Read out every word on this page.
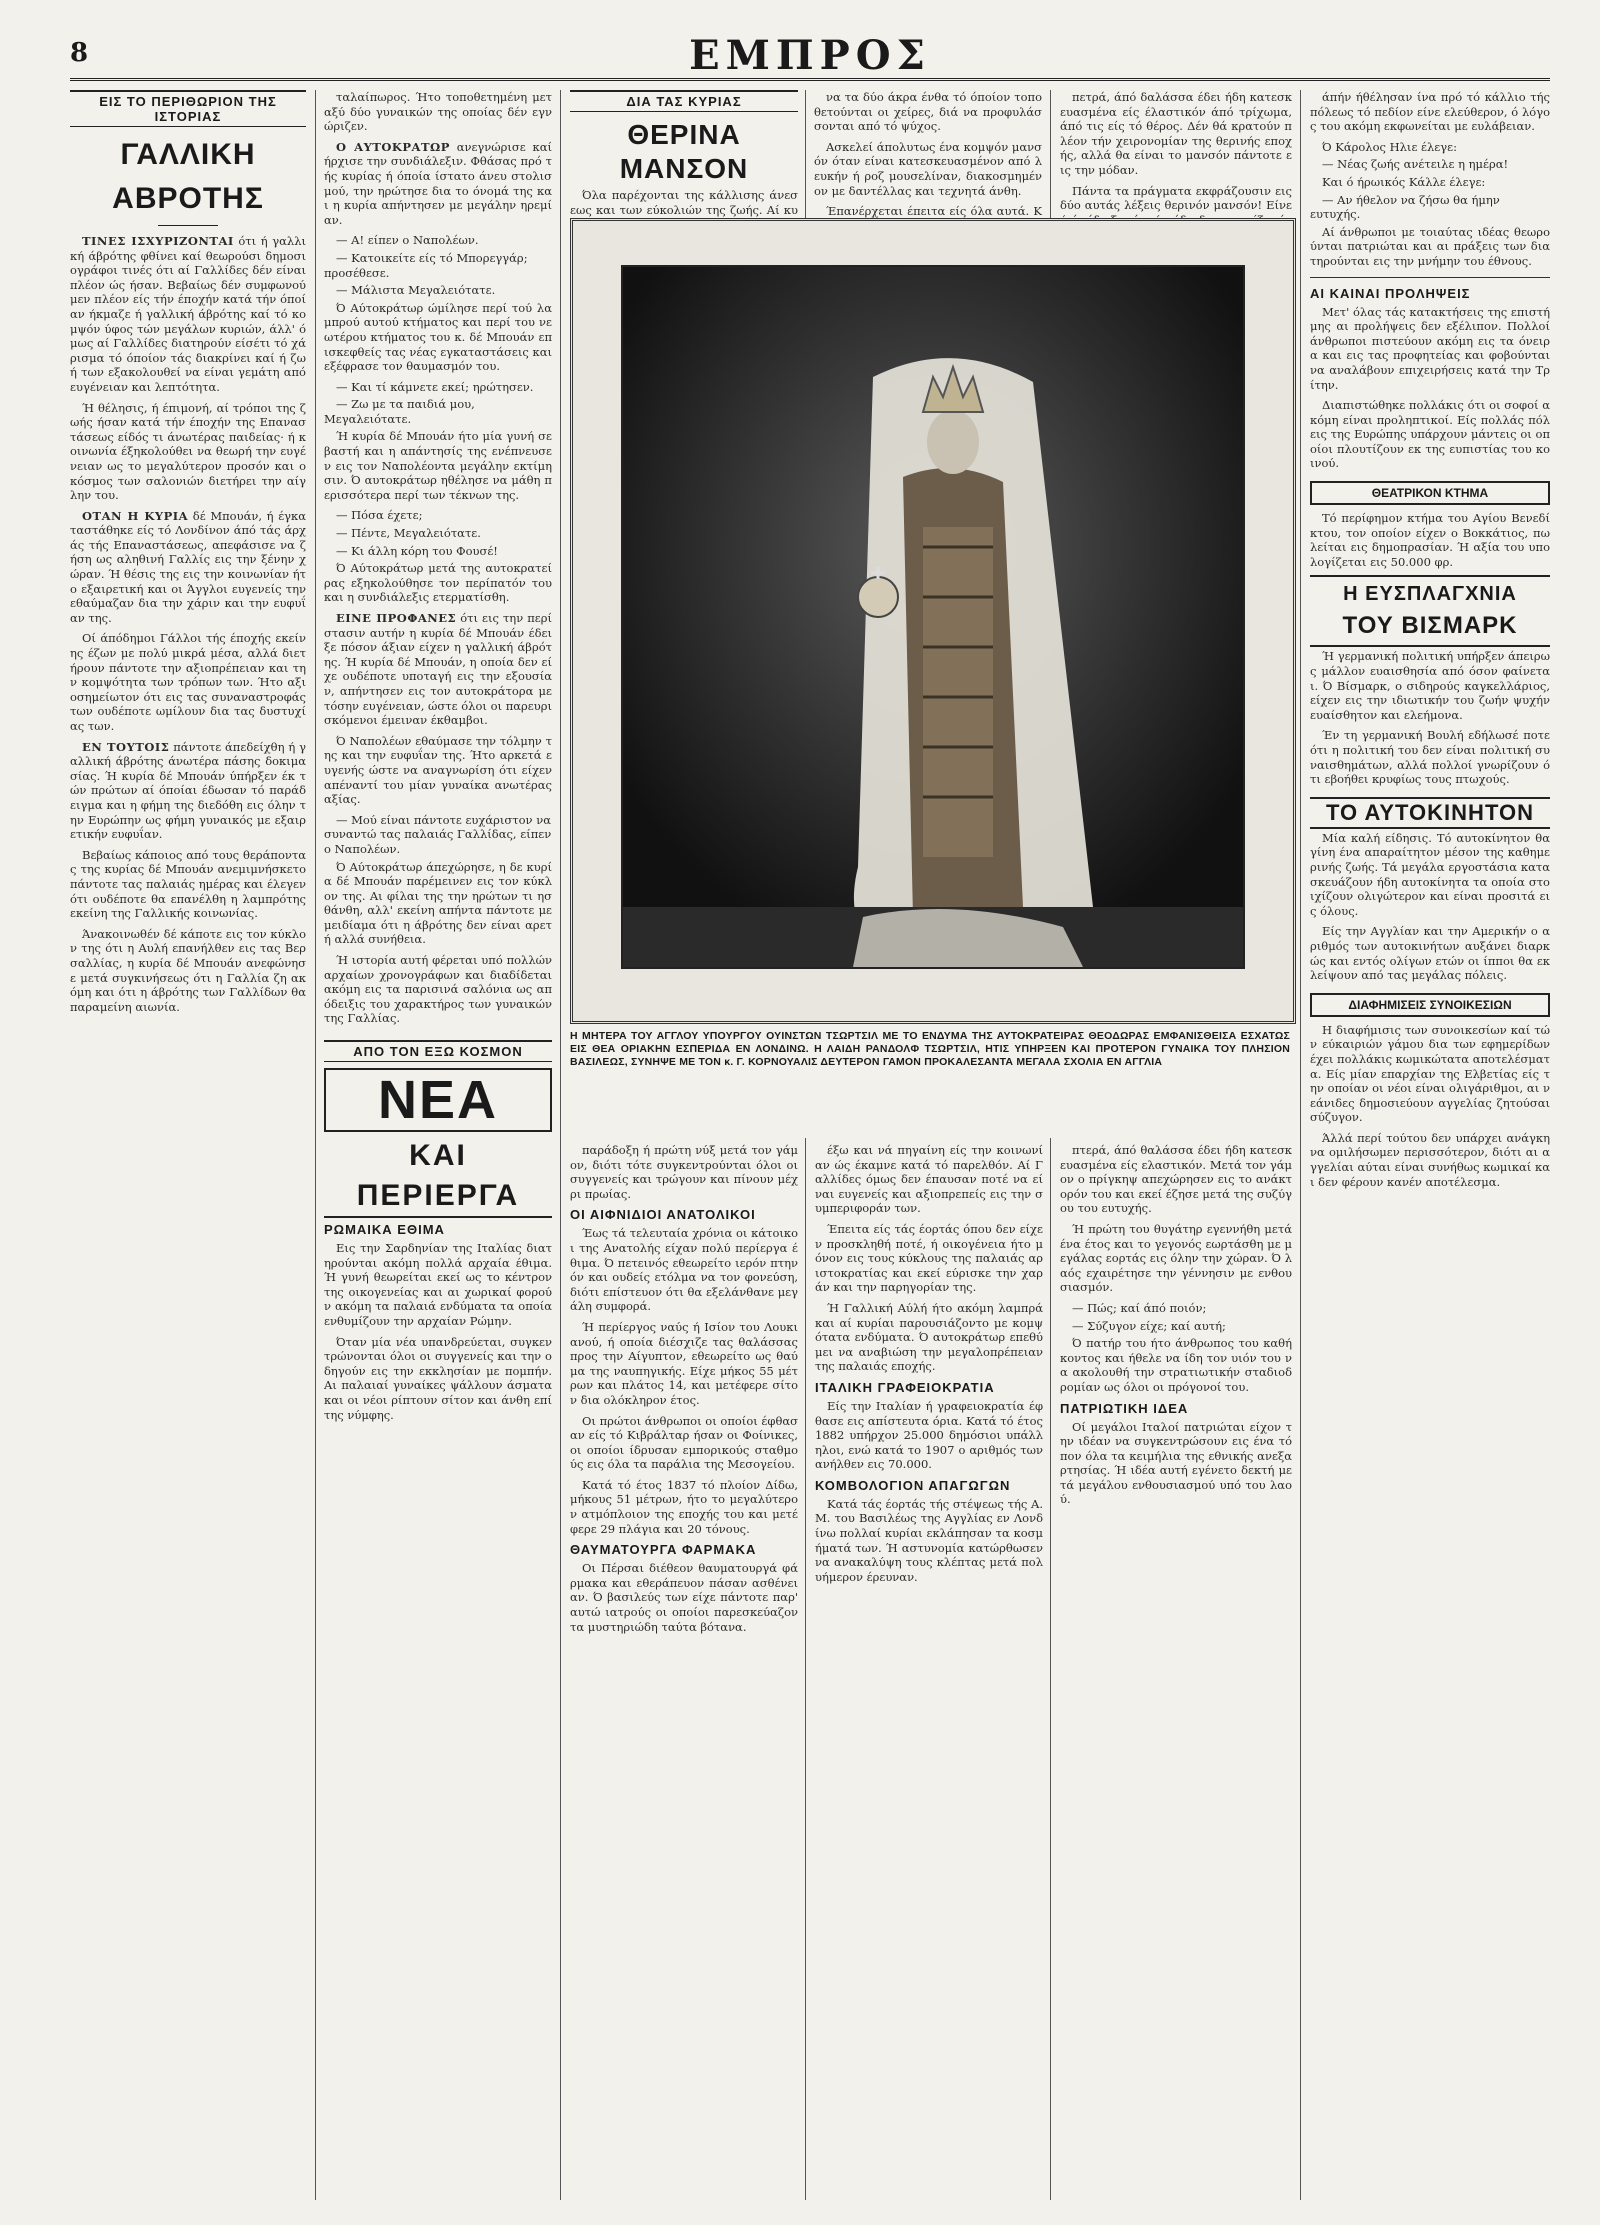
8	ΕΜΠΡΟΣ
ΕΙΣ ΤΟ ΠΕΡΙΘΩΡΙΟΝ ΤΗΣ ΙΣΤΟΡΙΑΣ
ΓΑΛΛΙΚΗ ΑΒΡΟΤΗΣ

ΤΙΝΕΣ ΙΣΧΥΡΙΖΟΝΤΑΙ ότι ή γαλλική άβρότης φθίνει καί θεωρούσι δημοσιογράφοι τινές ότι αί Γαλλίδες δέν είναι πλέον ώς ήσαν. Βεβαίως δέν συμφωνούμεν πλέον είς τήν έποχήν κατά τήν όποίαν ήκμαζε ή γαλλική άβρότης καί τό κομψόν ύφος τών μεγάλων κυριών, άλλ' όμως αί Γαλλίδες διατηρούν είσέτι τό χάρισμα τό όποίον τάς διακρίνει καί ή ζωή των εξακολουθεί να είναι γεμάτη από ευγένειαν και λεπτότητα.

Ή θέλησις, ή έπιμονή, αί τρόποι της ζωής ήσαν κατά τήν έποχήν της Επαναστάσεως είδός τι άνωτέρας παιδείας· ή κοινωνία έξηκολούθει να θεωρή την ευγένειαν ως το μεγαλύτερον προσόν και ο κόσμος των σαλονιών διετήρει την αίγλην του.

ΟΤΑΝ Η ΚΥΡΙΑ δέ Μπουάν, ή έγκαταστάθηκε είς τό Λονδίνον άπό τάς άρχάς τής Επαναστάσεως, απεφάσισε να ζήση ως αληθινή Γαλλίς εις την ξένην χώραν. Ή θέσις της εις την κοινωνίαν ήτο εξαιρετική και οι Άγγλοι ευγενείς την εθαύμαζαν δια την χάριν και την ευφυΐαν της.

Οί άπόδημοι Γάλλοι τής έποχής εκείνης έζων με πολύ μικρά μέσα, αλλά διετήρουν πάντοτε την αξιοπρέπειαν και την κομψότητα των τρόπων των. Ήτο αξιοσημείωτον ότι εις τας συναναστροφάς των ουδέποτε ωμίλουν δια τας δυστυχίας των.

ΕΝ ΤΟΥΤΟΙΣ πάντοτε άπεδείχθη ή γαλλική άβρότης άνωτέρα πάσης δοκιμασίας. Ή κυρία δέ Μπουάν ύπήρξεν έκ τών πρώτων αί όποίαι έδωσαν τό παράδειγμα και η φήμη της διεδόθη εις όλην την Ευρώπην ως φήμη γυναικός με εξαιρετικήν ευφυΐαν.

Βεβαίως κάποιος από τους θεράποντας της κυρίας δέ Μπουάν ανεμιμνήσκετο πάντοτε τας παλαιάς ημέρας και έλεγεν ότι ουδέποτε θα επανέλθη η λαμπρότης εκείνη της Γαλλικής κοινωνίας.

Άνακοινωθέν δέ κάποτε εις τον κύκλον της ότι η Αυλή επανήλθεν εις τας Βερσαλλίας, η κυρία δέ Μπουάν ανεφώνησε μετά συγκινήσεως ότι η Γαλλία ζη ακόμη και ότι η άβρότης των Γαλλίδων θα παραμείνη αιωνία.

ταλαίπωρος. Ήτο τοποθετημένη μεταξύ δύο γυναικών της οποίας δέν εγνώριζεν.

Ο ΑΥΤΟΚΡΑΤΩΡ ανεγνώρισε καί ήρχισε την συνδιάλεξιν. Φθάσας πρό τής κυρίας ή όποία ίστατο άνευ στολισμού, την ηρώτησε δια το όνομά της και η κυρία απήντησεν με μεγάλην ηρεμίαν.

— Α! είπεν ο Ναπολέων.

— Κατοικείτε είς τό Μπορεγγάρ; προσέθεσε.

— Μάλιστα Μεγαλειότατε.

Ό Αύτοκράτωρ ώμίλησε περί τού λαμπρού αυτού κτήματος και περί του νεωτέρου κτήματος του κ. δέ Μπουάν επισκεφθείς τας νέας εγκαταστάσεις και εξέφρασε τον θαυμασμόν του.

— Και τί κάμνετε εκεί; ηρώτησεν.

— Ζω με τα παιδιά μου, Μεγαλειότατε.

Ή κυρία δέ Μπουάν ήτο μία γυνή σεβαστή και η απάντησίς της ενέπνευσεν εις τον Ναπολέοντα μεγάλην εκτίμησιν. Ό αυτοκράτωρ ηθέλησε να μάθη περισσότερα περί των τέκνων της.

— Πόσα έχετε;

— Πέντε, Μεγαλειότατε.

— Κι άλλη κόρη του Φουσέ!

Ό Αύτοκράτωρ μετά της αυτοκρατείρας εξηκολούθησε τον περίπατόν του και η συνδιάλεξις ετερματίσθη.

ΕΙΝΕ ΠΡΟΦΑΝΕΣ ότι εις την περίστασιν αυτήν η κυρία δέ Μπουάν έδειξε πόσον άξιαν είχεν η γαλλική άβρότης. Ή κυρία δέ Μπουάν, η οποία δεν είχε ουδέποτε υποταγή εις την εξουσίαν, απήντησεν εις τον αυτοκράτορα με τόσην ευγένειαν, ώστε όλοι οι παρευρισκόμενοι έμειναν έκθαμβοι.

Ό Ναπολέων εθαύμασε την τόλμην της και την ευφυΐαν της. Ήτο αρκετά ευγενής ώστε να αναγνωρίση ότι είχεν απέναντί του μίαν γυναίκα ανωτέρας αξίας.

— Μού είναι πάντοτε ευχάριστον να συναντώ τας παλαιάς Γαλλίδας, είπεν ο Ναπολέων.

Ό Αύτοκράτωρ άπεχώρησε, η δε κυρία δέ Μπουάν παρέμεινεν εις τον κύκλον της. Αι φίλαι της την ηρώτων τι ησθάνθη, αλλ' εκείνη απήντα πάντοτε με μειδίαμα ότι η άβρότης δεν είναι αρετή αλλά συνήθεια.

Ή ιστορία αυτή φέρεται υπό πολλών αρχαίων χρονογράφων και διαδίδεται ακόμη εις τα παρισινά σαλόνια ως απόδειξις του χαρακτήρος των γυναικών της Γαλλίας.

ΑΠΟ ΤΟΝ ΕΞΩ ΚΟΣΜΟΝ
ΝΕΑ
ΚΑΙ ΠΕΡΙΕΡΓΑ
ΡΩΜΑΙΚΑ ΕΘΙΜΑ

Εις την Σαρδηνίαν της Ιταλίας διατηρούνται ακόμη πολλά αρχαία έθιμα. Ή γυνή θεωρείται εκεί ως το κέντρον της οικογενείας και αι χωρικαί φορούν ακόμη τα παλαιά ενδύματα τα οποία ενθυμίζουν την αρχαίαν Ρώμην.

Όταν μία νέα υπανδρεύεται, συγκεντρώνονται όλοι οι συγγενείς και την οδηγούν εις την εκκλησίαν με πομπήν. Αι παλαιαί γυναίκες ψάλλουν άσματα και οι νέοι ρίπτουν σίτον και άνθη επί της νύμφης.

ΔΙΑ ΤΑΣ ΚΥΡΙΑΣ
ΘΕΡΙΝΑ ΜΑΝΣΟΝ

Όλα παρέχονται της κάλλισης άνεσεως και των εύκολιών της ζωής. Αί κυ

να τα δύο άκρα ένθα τό όποίον τοποθετούνται οι χείρες, διά να προφυλάσσονται από τό ψύχος.

Ασκελεί άπολυτως ένα κομψόν μανσόν όταν είναι κατεσκευασμένον από λευκήν ή ροζ μουσελίναν, διακοσμημένον με δαντέλλας και τεχνητά άνθη.

Έπανέρχεται έπειτα είς όλα αυτά. Κ

πετρά, άπό δαλάσσα έδει ήδη κατεσκευασμένα είς έλαστικόν άπό τρίχωμα, άπό τις είς τό θέρος. Δέν θά κρατούν πλέον τήν χειρονομίαν της θερινής εποχής, αλλά θα είναι το μανσόν πάντοτε εις την μόδαν.

Πάντα τα πράγματα εκφράζουσιν εις δύο αυτάς λέξεις θερινόν μανσόν! Είνε

Η ΜΗΤΕΡΑ ΤΟΥ ΑΓΓΛΟΥ ΥΠΟΥΡΓΟΥ ΟΥΙΝΣΤΩΝ ΤΣΩΡΤΣΙΛ ΜΕ ΤΟ ΕΝΔΥΜΑ ΤΗΣ ΑΥΤΟΚΡΑΤΕΙΡΑΣ ΘΕΟΔΩΡΑΣ ΕΜΦΑΝΙΣΘΕΙΣΑ ΕΣΧΑΤΩΣ ΕΙΣ ΘΕΑ ΟΡΙΑΚΗΝ ΕΣΠΕΡΙΔΑ ΕΝ ΛΟΝΔΙΝΩ. Η ΛΑΙΔΗ ΡΑΝΔΟΛΦ ΤΣΩΡΤΣΙΛ, ΗΤΙΣ ΥΠΗΡΞΕΝ ΚΑΙ ΠΡΟΤΕΡΟΝ ΓΥΝΑΙΚΑ ΤΟΥ ΠΛΗΣΙΟΝ ΒΑΣΙΛΕΩΣ, ΣΥΝΗΨΕ ΜΕ ΤΟΝ κ. Γ. ΚΟΡΝΟΥΑΛΙΣ ΔΕΥΤΕΡΟΝ ΓΑΜΟΝ ΠΡΟΚΑΛΕΣΑΝΤΑ ΜΕΓΑΛΑ ΣΧΟΛΙΑ ΕΝ ΑΓΓΛΙΑ

παράδοξη ή πρώτη νύξ μετά τον γάμον, διότι τότε συγκεντρούνται όλοι οι συγγενείς και τρώγουν και πίνουν μέχρι πρωίας.

ΟΙ ΑΙΦΝΙΔΙΟΙ ΑΝΑΤΟΛΙΚΟΙ

Έως τά τελευταία χρόνια οι κάτοικοι της Ανατολής είχαν πολύ περίεργα έθιμα. Ό πετεινός εθεωρείτο ιερόν πτηνόν και ουδείς ετόλμα να τον φονεύση, διότι επίστευον ότι θα εξελάνθανε μεγάλη συμφορά.

Ή περίεργος ναύς ή Ισίον του Λουκιανού, ή οποία διέσχιζε τας θαλάσσας προς την Αίγυπτον, εθεωρείτο ως θαύμα της ναυπηγικής. Είχε μήκος 55 μέτρων και πλάτος 14, και μετέφερε σίτον δια ολόκληρον έτος.

Οι πρώτοι άνθρωποι οι οποίοι έφθασαν είς τό Κιβράλταρ ήσαν οι Φοίνικες, οι οποίοι ίδρυσαν εμπορικούς σταθμούς εις όλα τα παράλια της Μεσογείου.

Κατά τό έτος 1837 τό πλοίον Δίδω, μήκους 51 μέτρων, ήτο το μεγαλύτερον ατμόπλοιον της εποχής του και μετέφερε 29 πλάγια και 20 τόνους.

ΘΑΥΜΑΤΟΥΡΓΑ ΦΑΡΜΑΚΑ

Οι Πέρσαι διέθεον θαυματουργά φάρμακα και εθεράπευον πάσαν ασθένειαν. Ό βασιλεύς των είχε πάντοτε παρ' αυτώ ιατρούς οι οποίοι παρεσκεύαζον τα μυστηριώδη ταύτα βότανα.

έξω και νά πηγαίνη είς την κοινωνίαν ώς έκαμνε κατά τό παρελθόν. Αί Γαλλίδες όμως δεν έπαυσαν ποτέ να είναι ευγενείς και αξιοπρεπείς εις την συμπεριφοράν των.

Έπειτα είς τάς έορτάς όπου δεν είχεν προσκληθή ποτέ, ή οικογένεια ήτο μόνον εις τους κύκλους της παλαιάς αριστοκρατίας και εκεί εύρισκε την χαράν και την παρηγορίαν της.

Ή Γαλλική Αύλή ήτο ακόμη λαμπρά και αί κυρίαι παρουσιάζοντο με κομψότατα ενδύματα. Ό αυτοκράτωρ επεθύμει να αναβιώση την μεγαλοπρέπειαν της παλαιάς εποχής.

ΙΤΑΛΙΚΗ ΓΡΑΦΕΙΟΚΡΑΤΙΑ

Είς την Ιταλίαν ή γραφειοκρατία έφθασε εις απίστευτα όρια. Κατά τό έτος 1882 υπήρχον 25.000 δημόσιοι υπάλληλοι, ενώ κατά το 1907 ο αριθμός των ανήλθεν εις 70.000.

ΚΟΜΒΟΛΟΓΙΟΝ ΑΠΑΓΩΓΩΝ

Κατά τάς έορτάς τής στέψεως τής Α. Μ. του Βασιλέως της Αγγλίας εν Λονδίνω πολλαί κυρίαι εκλάπησαν τα κοσμήματά των. Ή αστυνομία κατώρθωσεν να ανακαλύψη τους κλέπτας μετά πολυήμερον έρευναν.

πτερά, άπό θαλάσσα έδει ήδη κατεσκευασμένα είς ελαστικόν. Μετά τον γάμον ο πρίγκηψ απεχώρησεν εις το ανάκτορόν του και εκεί έζησε μετά της συζύγου του ευτυχής.

Ή πρώτη του θυγάτηρ εγεννήθη μετά ένα έτος και το γεγονός εωρτάσθη με μεγάλας εορτάς εις όλην την χώραν. Ό λαός εχαιρέτησε την γέννησιν με ενθουσιασμόν.

— Πώς; καί άπό ποιόν;

— Σύζυγον είχε; καί αυτή;

Ό πατήρ του ήτο άνθρωπος του καθήκοντος και ήθελε να ίδη τον υιόν του να ακολουθή την στρατιωτικήν σταδιοδρομίαν ως όλοι οι πρόγονοί του.

ΠΑΤΡΙΩΤΙΚΗ ΙΔΕΑ

Οί μεγάλοι Ιταλοί πατριώται είχον την ιδέαν να συγκεντρώσουν εις ένα τόπον όλα τα κειμήλια της εθνικής ανεξαρτησίας. Ή ιδέα αυτή εγένετο δεκτή μετά μεγάλου ενθουσιασμού υπό του λαού.

άπήν ήθέλησαν ίνα πρό τό κάλλιο τής πόλεως τό πεδίον είνε ελεύθερον, ό λόγος του ακόμη εκφωνείται με ευλάβειαν.

Ό Κάρολος Ηλιε έλεγε:

— Νέας ζωής ανέτειλε η ημέρα!

Και ό ήρωικός Κάλλε έλεγε:

— Αν ήθελον να ζήσω θα ήμην ευτυχής.

Αί άνθρωποι με τοιαύτας ιδέας θεωρούνται πατριώται και αι πράξεις των διατηρούνται εις την μνήμην του έθνους.

ΑΙ ΚΑΙΝΑΙ ΠΡΟΛΗΨΕΙΣ

Μετ' όλας τάς κατακτήσεις της επιστήμης αι προλήψεις δεν εξέλιπον. Πολλοί άνθρωποι πιστεύουν ακόμη εις τα όνειρα και εις τας προφητείας και φοβούνται να αναλάβουν επιχειρήσεις κατά την Τρίτην.

Διαπιστώθηκε πολλάκις ότι οι σοφοί ακόμη είναι προληπτικοί. Είς πολλάς πόλεις της Ευρώπης υπάρχουν μάντεις οι οποίοι πλουτίζουν εκ της ευπιστίας του κοινού.

ΘΕΑΤΡΙΚΟΝ ΚΤΗΜΑ

Τό περίφημον κτήμα του Αγίου Βενεδίκτου, τον οποίον είχεν ο Βοκκάτιος, πωλείται εις δημοπρασίαν. Ή αξία του υπολογίζεται εις 50.000 φρ.

Η ΕΥΣΠΛΑΓΧΝΙΑ
ΤΟΥ ΒΙΣΜΑΡΚ

Ή γερμανική πολιτική υπήρξεν άπειρως μάλλον ευαισθησία από όσον φαίνεται. Ό Βίσμαρκ, ο σιδηρούς καγκελλάριος, είχεν εις την ιδιωτικήν του ζωήν ψυχήν ευαίσθητον και ελεήμονα.

Έν τη γερμανική Βουλή εδήλωσέ ποτε ότι η πολιτική του δεν είναι πολιτική συναισθημάτων, αλλά πολλοί γνωρίζουν ότι εβοήθει κρυφίως τους πτωχούς.

ΤΟ ΑΥΤΟΚΙΝΗΤΟΝ

Μία καλή είδησις. Τό αυτοκίνητον θα γίνη ένα απαραίτητον μέσον της καθημερινής ζωής. Τά μεγάλα εργοστάσια κατασκευάζουν ήδη αυτοκίνητα τα οποία στοιχίζουν ολιγώτερον και είναι προσιτά εις όλους.

Είς την Αγγλίαν και την Αμερικήν ο αριθμός των αυτοκινήτων αυξάνει διαρκώς και εντός ολίγων ετών οι ίπποι θα εκλείψουν από τας μεγάλας πόλεις.

ΔΙΑΦΗΜΙΣΕΙΣ ΣΥΝΟΙΚΕΣΙΩΝ

Η διαφήμισις των συνοικεσίων καί τών εύκαιριών γάμου δια των εφημερίδων έχει πολλάκις κωμικώτατα αποτελέσματα. Είς μίαν επαρχίαν της Ελβετίας είς την οποίαν οι νέοι είναι ολιγάριθμοι, αι νεάνιδες δημοσιεύουν αγγελίας ζητούσαι σύζυγον.

Άλλά περί τούτου δεν υπάρχει ανάγκη να ομιλήσωμεν περισσότερον, διότι αι αγγελίαι αύται είναι συνήθως κωμικαί και δεν φέρουν κανέν αποτέλεσμα.
